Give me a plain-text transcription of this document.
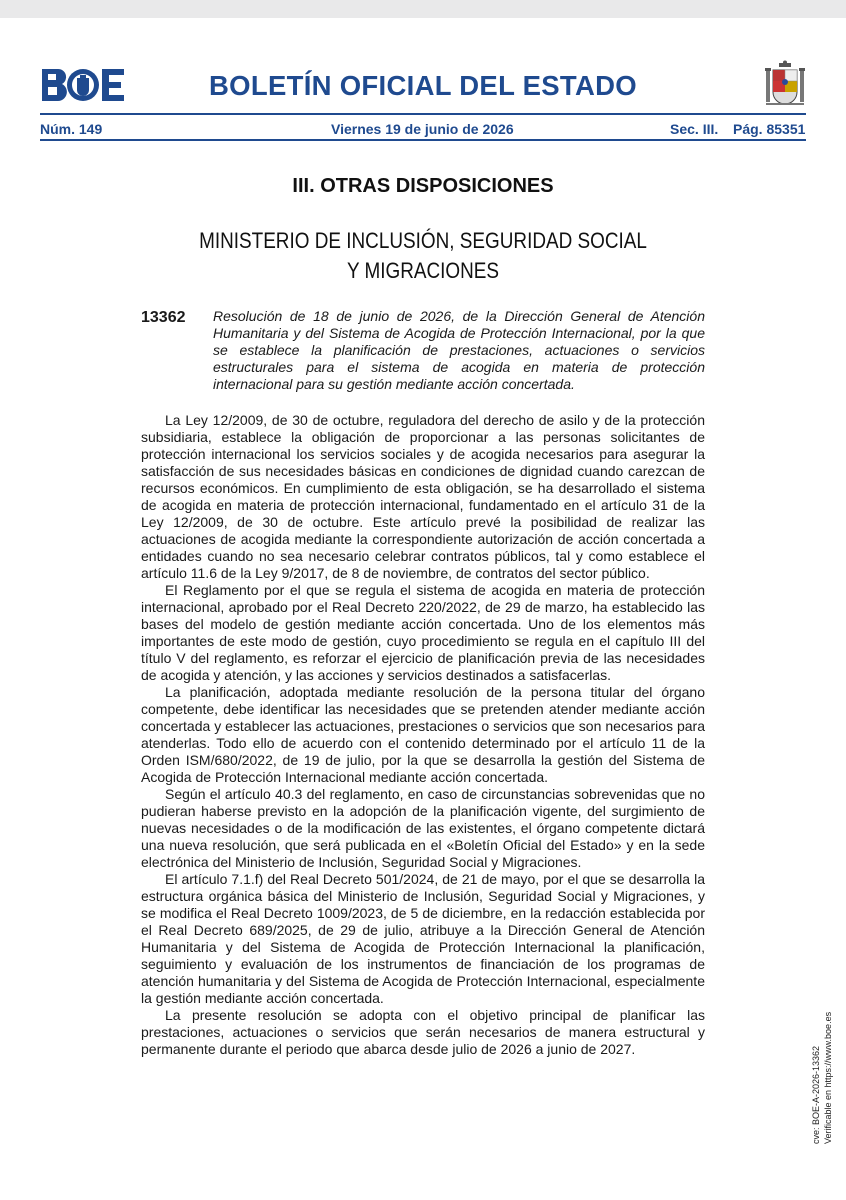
BOLETÍN OFICIAL DEL ESTADO
Núm. 149	Viernes 19 de junio de 2026	Sec. III. Pág. 85351
III. OTRAS DISPOSICIONES
MINISTERIO DE INCLUSIÓN, SEGURIDAD SOCIAL
Y MIGRACIONES
13362 Resolución de 18 de junio de 2026, de la Dirección General de Atención Humanitaria y del Sistema de Acogida de Protección Internacional, por la que se establece la planificación de prestaciones, actuaciones o servicios estructurales para el sistema de acogida en materia de protección internacional para su gestión mediante acción concertada.

La Ley 12/2009, de 30 de octubre, reguladora del derecho de asilo y de la protección subsidiaria, establece la obligación de proporcionar a las personas solicitantes de protección internacional los servicios sociales y de acogida necesarios para asegurar la satisfacción de sus necesidades básicas en condiciones de dignidad cuando carezcan de recursos económicos. En cumplimiento de esta obligación, se ha desarrollado el sistema de acogida en materia de protección internacional, fundamentado en el artículo 31 de la Ley 12/2009, de 30 de octubre. Este artículo prevé la posibilidad de realizar las actuaciones de acogida mediante la correspondiente autorización de acción concertada a entidades cuando no sea necesario celebrar contratos públicos, tal y como establece el artículo 11.6 de la Ley 9/2017, de 8 de noviembre, de contratos del sector público.

El Reglamento por el que se regula el sistema de acogida en materia de protección internacional, aprobado por el Real Decreto 220/2022, de 29 de marzo, ha establecido las bases del modelo de gestión mediante acción concertada. Uno de los elementos más importantes de este modo de gestión, cuyo procedimiento se regula en el capítulo III del título V del reglamento, es reforzar el ejercicio de planificación previa de las necesidades de acogida y atención, y las acciones y servicios destinados a satisfacerlas.

La planificación, adoptada mediante resolución de la persona titular del órgano competente, debe identificar las necesidades que se pretenden atender mediante acción concertada y establecer las actuaciones, prestaciones o servicios que son necesarios para atenderlas. Todo ello de acuerdo con el contenido determinado por el artículo 11 de la Orden ISM/680/2022, de 19 de julio, por la que se desarrolla la gestión del Sistema de Acogida de Protección Internacional mediante acción concertada.

Según el artículo 40.3 del reglamento, en caso de circunstancias sobrevenidas que no pudieran haberse previsto en la adopción de la planificación vigente, del surgimiento de nuevas necesidades o de la modificación de las existentes, el órgano competente dictará una nueva resolución, que será publicada en el «Boletín Oficial del Estado» y en la sede electrónica del Ministerio de Inclusión, Seguridad Social y Migraciones.

El artículo 7.1.f) del Real Decreto 501/2024, de 21 de mayo, por el que se desarrolla la estructura orgánica básica del Ministerio de Inclusión, Seguridad Social y Migraciones, y se modifica el Real Decreto 1009/2023, de 5 de diciembre, en la redacción establecida por el Real Decreto 689/2025, de 29 de julio, atribuye a la Dirección General de Atención Humanitaria y del Sistema de Acogida de Protección Internacional la planificación, seguimiento y evaluación de los instrumentos de financiación de los programas de atención humanitaria y del Sistema de Acogida de Protección Internacional, especialmente la gestión mediante acción concertada.

La presente resolución se adopta con el objetivo principal de planificar las prestaciones, actuaciones o servicios que serán necesarios de manera estructural y permanente durante el periodo que abarca desde julio de 2026 a junio de 2027.	cve: BOE-A-2026-13362 Verificable en https://www.boe.es
